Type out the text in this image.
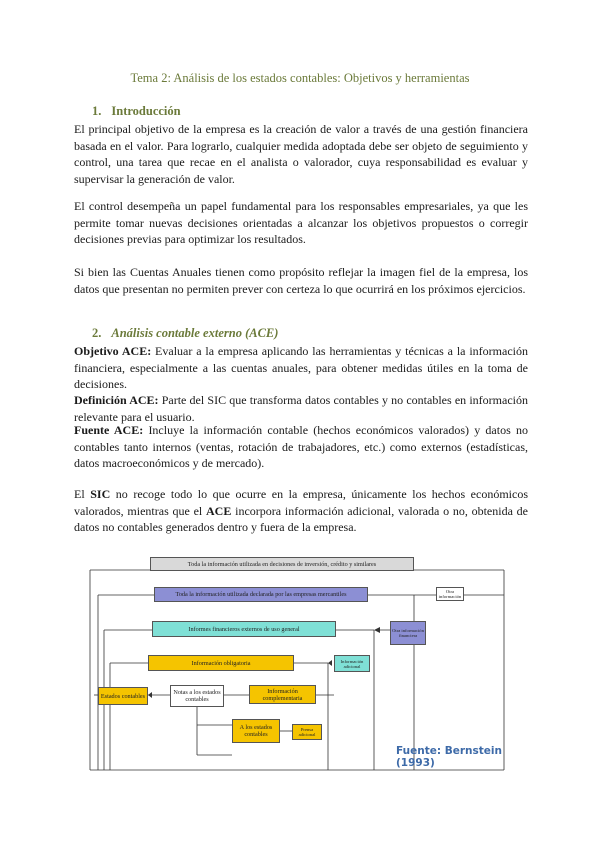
Tema 2: Análisis de los estados contables: Objetivos y herramientas
1. Introducción

El principal objetivo de la empresa es la creación de valor a través de una gestión financiera basada en el valor. Para lograrlo, cualquier medida adoptada debe ser objeto de seguimiento y control, una tarea que recae en el analista o valorador, cuya responsabilidad es evaluar y supervisar la generación de valor.

El control desempeña un papel fundamental para los responsables empresariales, ya que les permite tomar nuevas decisiones orientadas a alcanzar los objetivos propuestos o corregir decisiones previas para optimizar los resultados.

Si bien las Cuentas Anuales tienen como propósito reflejar la imagen fiel de la empresa, los datos que presentan no permiten prever con certeza lo que ocurrirá en los próximos ejercicios.

2. Análisis contable externo (ACE)

Objetivo ACE: Evaluar a la empresa aplicando las herramientas y técnicas a la información financiera, especialmente a las cuentas anuales, para obtener medidas útiles en la toma de decisiones.

Definición ACE: Parte del SIC que transforma datos contables y no contables en información relevante para el usuario.

Fuente ACE: Incluye la información contable (hechos económicos valorados) y datos no contables tanto internos (ventas, rotación de trabajadores, etc.) como externos (estadísticas, datos macroeconómicos y de mercado).

El SIC no recoge todo lo que ocurre en la empresa, únicamente los hechos económicos valorados, mientras que el ACE incorpora información adicional, valorada o no, obtenida de datos no contables generados dentro y fuera de la empresa.

Toda la información utilizada en decisiones de inversión, crédito y similares
Toda la información utilizada declarada por las empresas mercantiles	Otra información
Informes financieros externos de uso general	Otra información financiera
Información obligatoria	Información adicional
Estados contables	Notas a los estados contables
Información complementaria
A los estados contables
Prensa adicional
Fuente: Bernstein (1993)
